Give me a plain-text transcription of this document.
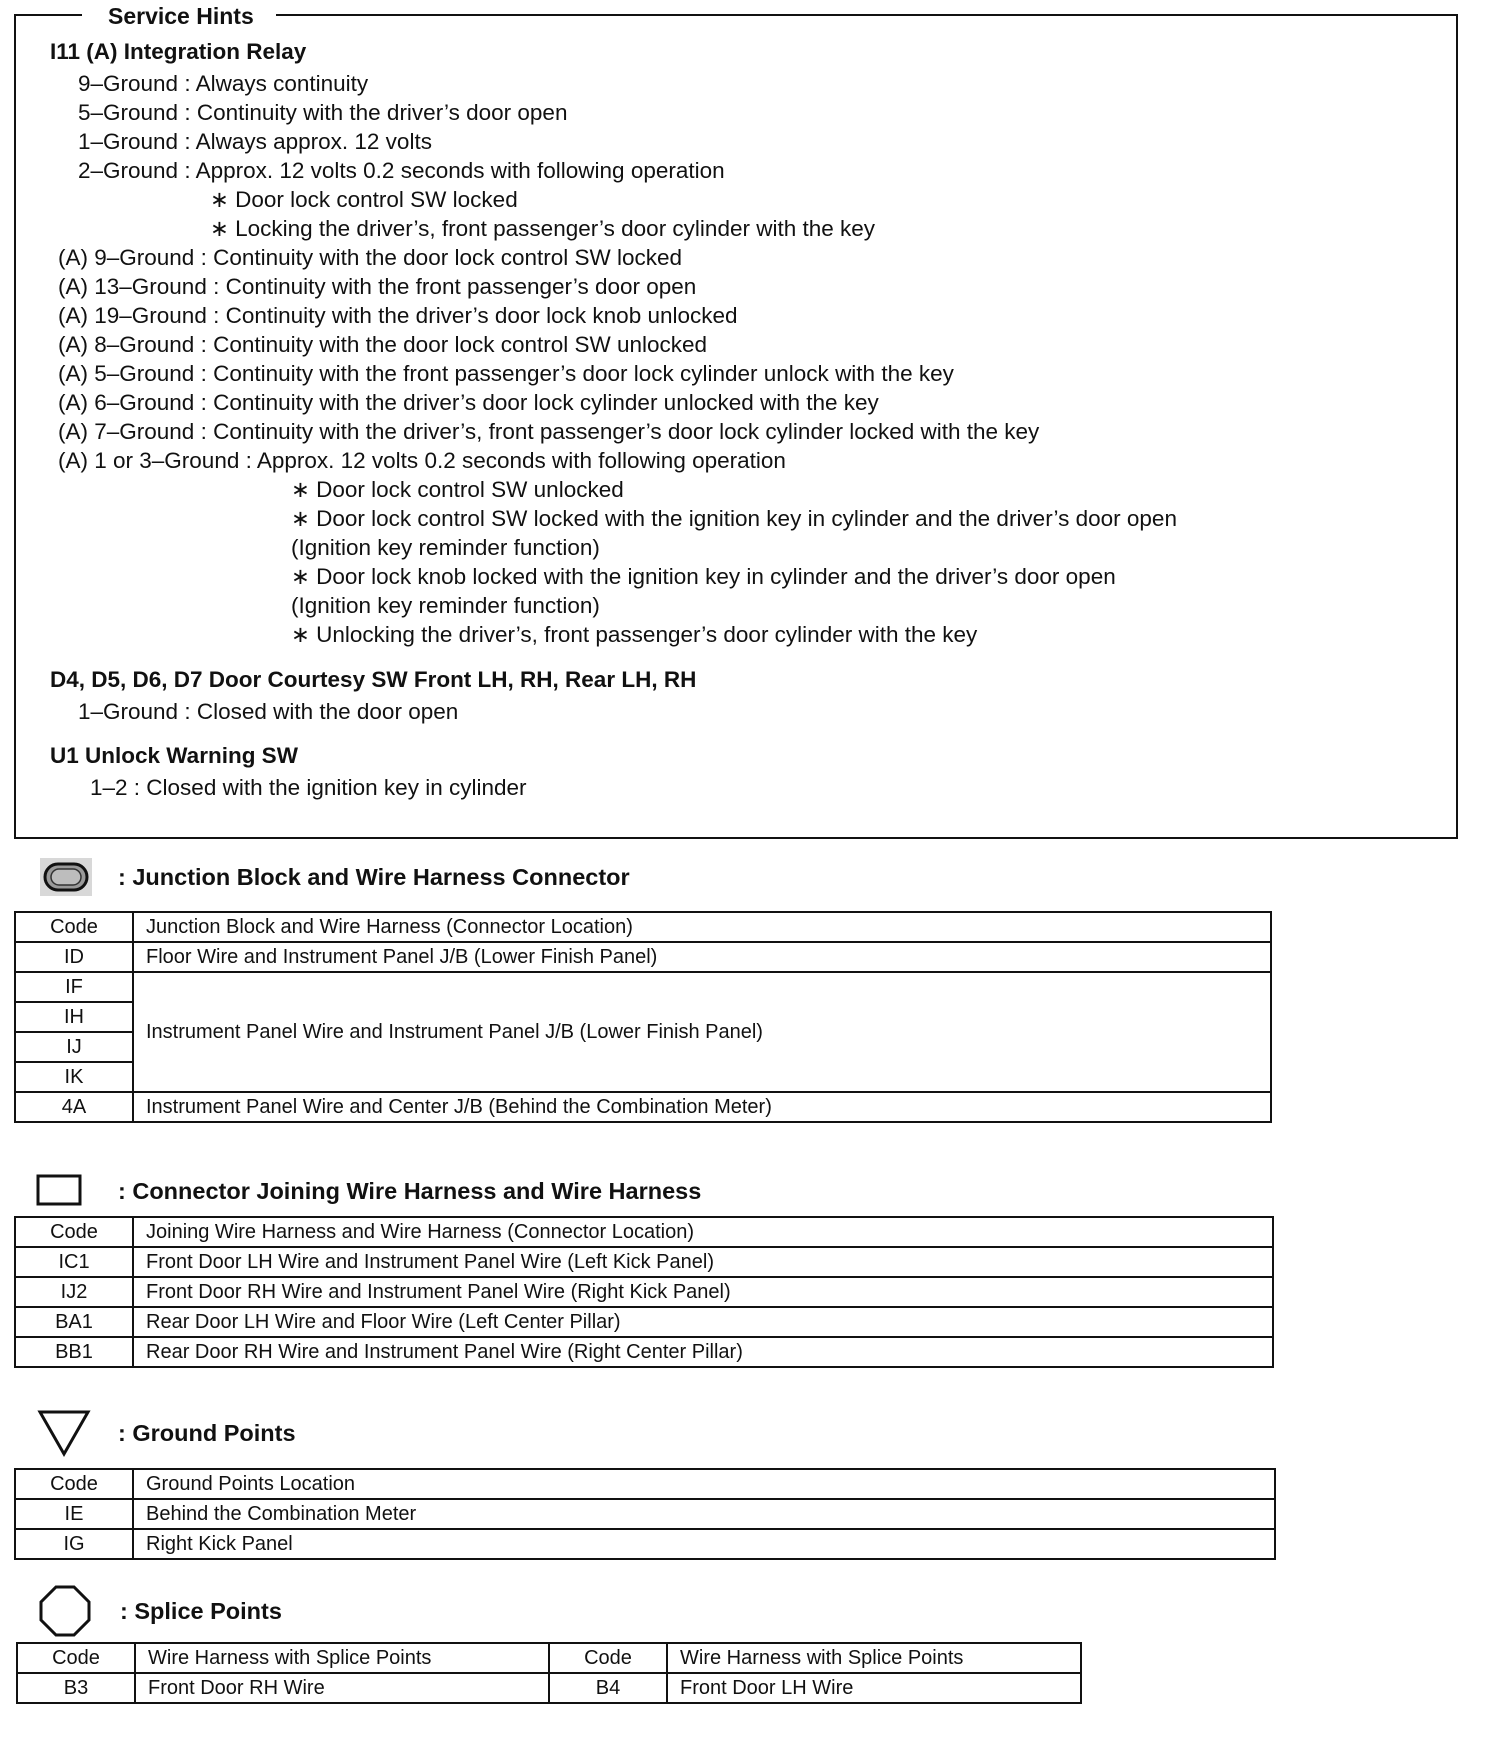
Service Hints
I11 (A) Integration Relay
9–Ground : Always continuity
5–Ground : Continuity with the driver’s door open
1–Ground : Always approx. 12 volts
2–Ground : Approx. 12 volts 0.2 seconds with following operation
∗ Door lock control SW locked
∗ Locking the driver’s, front passenger’s door cylinder with the key
(A) 9–Ground : Continuity with the door lock control SW locked
(A) 13–Ground : Continuity with the front passenger’s door open
(A) 19–Ground : Continuity with the driver’s door lock knob unlocked
(A) 8–Ground : Continuity with the door lock control SW unlocked
(A) 5–Ground : Continuity with the front passenger’s door lock cylinder unlock with the key
(A) 6–Ground : Continuity with the driver’s door lock cylinder unlocked with the key
(A) 7–Ground : Continuity with the driver’s, front passenger’s door lock cylinder locked with the key
(A) 1 or 3–Ground : Approx. 12 volts 0.2 seconds with following operation
∗ Door lock control SW unlocked
∗ Door lock control SW locked with the ignition key in cylinder and the driver’s door open
(Ignition key reminder function)
∗ Door lock knob locked with the ignition key in cylinder and the driver’s door open
(Ignition key reminder function)
∗ Unlocking the driver’s, front passenger’s door cylinder with the key
D4, D5, D6, D7 Door Courtesy SW Front LH, RH, Rear LH, RH
1–Ground : Closed with the door open
U1 Unlock Warning SW
1–2 : Closed with the ignition key in cylinder
: Junction Block and Wire Harness Connector
Code	Junction Block and Wire Harness (Connector Location)
ID	Floor Wire and Instrument Panel J/B (Lower Finish Panel)
IF	Instrument Panel Wire and Instrument Panel J/B (Lower Finish Panel)
IH	
IJ	
IK	
4A	Instrument Panel Wire and Center J/B (Behind the Combination Meter)
: Connector Joining Wire Harness and Wire Harness
Code	Joining Wire Harness and Wire Harness (Connector Location)
IC1	Front Door LH Wire and Instrument Panel Wire (Left Kick Panel)
IJ2	Front Door RH Wire and Instrument Panel Wire (Right Kick Panel)
BA1	Rear Door LH Wire and Floor Wire (Left Center Pillar)
BB1	Rear Door RH Wire and Instrument Panel Wire (Right Center Pillar)
: Ground Points
Code	Ground Points Location
IE	Behind the Combination Meter
IG	Right Kick Panel
: Splice Points
Code	Wire Harness with Splice Points	Code	Wire Harness with Splice Points
B3	Front Door RH Wire	B4	Front Door LH Wire
